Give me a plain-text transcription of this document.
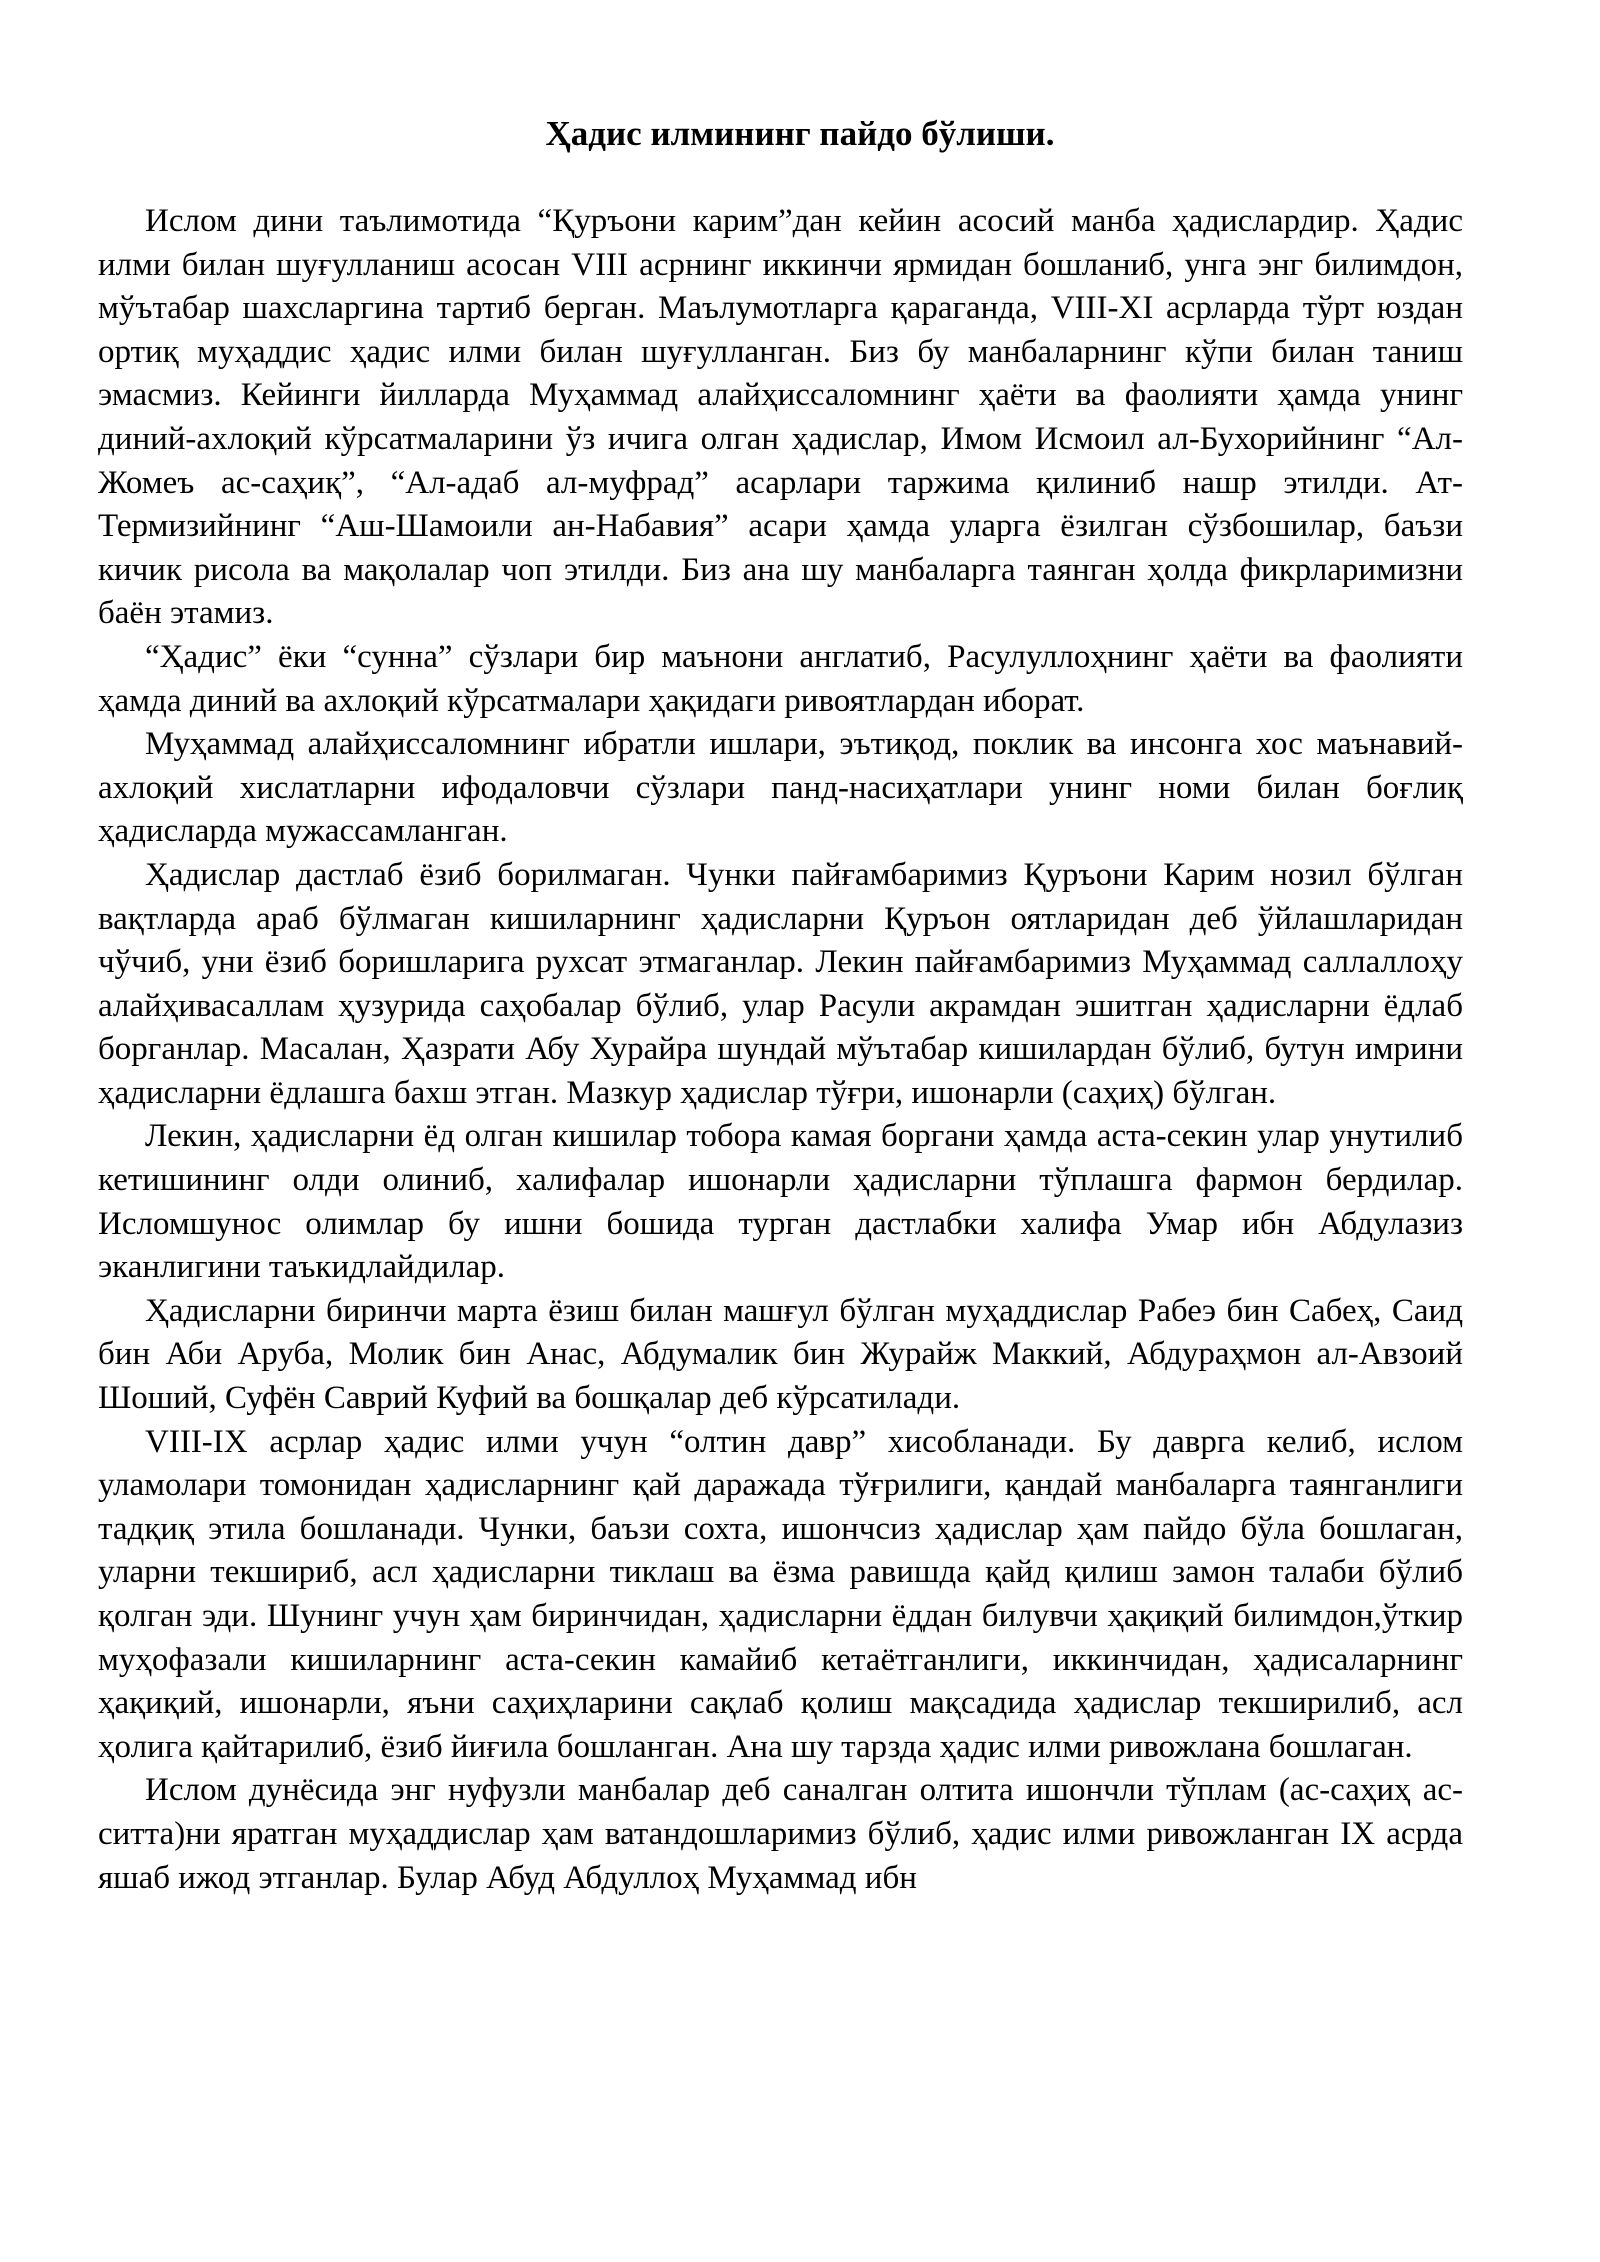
Ҳадис илмининг пайдо бўлиши.

Ислом дини таълимотида “Қуръони карим”дан кейин асосий манба ҳадислардир. Ҳадис илми билан шуғулланиш асосан VIII асрнинг иккинчи ярмидан бошланиб, унга энг билимдон, мўътабар шахсларгина тартиб берган. Маълумотларга қараганда, VIII-XI асрларда тўрт юздан ортиқ муҳаддис ҳадис илми билан шуғулланган. Биз бу манбаларнинг кўпи билан таниш эмасмиз. Кейинги йилларда Муҳаммад алайҳиссаломнинг ҳаёти ва фаолияти ҳамда унинг диний-ахлоқий кўрсатмаларини ўз ичига олган ҳадислар, Имом Исмоил ал-Бухорийнинг “Ал-Жомеъ ас-саҳиқ”, “Ал-адаб ал-муфрад” асарлари таржима қилиниб нашр этилди. Ат-Термизийнинг “Аш-Шамоили ан-Набавия” асари ҳамда уларга ёзилган сўзбошилар, баъзи кичик рисола ва мақолалар чоп этилди. Биз ана шу манбаларга таянган ҳолда фикрларимизни баён этамиз.

“Ҳадис” ёки “сунна” сўзлари бир маънони англатиб, Расулуллоҳнинг ҳаёти ва фаолияти ҳамда диний ва ахлоқий кўрсатмалари ҳақидаги ривоятлардан иборат.

Муҳаммад алайҳиссаломнинг ибратли ишлари, эътиқод, поклик ва инсонга хос маънавий-ахлоқий хислатларни ифодаловчи сўзлари панд-насиҳатлари унинг номи билан боғлиқ ҳадисларда мужассамланган.

Ҳадислар дастлаб ёзиб борилмаган. Чунки пайғамбаримиз Қуръони Карим нозил бўлган вақтларда араб бўлмаган кишиларнинг ҳадисларни Қуръон оятларидан деб ўйлашларидан чўчиб, уни ёзиб боришларига рухсат этмаганлар. Лекин пайғамбаримиз Муҳаммад саллаллоҳу алайҳивасаллам ҳузурида саҳобалар бўлиб, улар Расули акрамдан эшитган ҳадисларни ёдлаб борганлар. Масалан, Ҳазрати Абу Хурайра шундай мўътабар кишилардан бўлиб, бутун имрини ҳадисларни ёдлашга бахш этган. Мазкур ҳадислар тўғри, ишонарли (саҳиҳ) бўлган.

Лекин, ҳадисларни ёд олган кишилар тобора камая боргани ҳамда аста-секин улар унутилиб кетишининг олди олиниб, халифалар ишонарли ҳадисларни тўплашга фармон бердилар. Исломшунос олимлар бу ишни бошида турган дастлабки халифа Умар ибн Абдулазиз эканлигини таъкидлайдилар.

Ҳадисларни биринчи марта ёзиш билан машғул бўлган муҳаддислар Рабеэ бин Сабеҳ, Саид бин Аби Аруба, Молик бин Анас, Абдумалик бин Журайж Маккий, Абдураҳмон ал-Авзоий Шоший, Суфён Саврий Куфий ва бошқалар деб кўрсатилади.

VIII-IX асрлар ҳадис илми учун “олтин давр” хисобланади. Бу даврга келиб, ислом уламолари томонидан ҳадисларнинг қай даражада тўғрилиги, қандай манбаларга таянганлиги тадқиқ этила бошланади. Чунки, баъзи сохта, ишончсиз ҳадислар ҳам пайдо бўла бошлаган, уларни текшириб, асл ҳадисларни тиклаш ва ёзма равишда қайд қилиш замон талаби бўлиб қолган эди. Шунинг учун ҳам биринчидан, ҳадисларни ёддан билувчи ҳақиқий билимдон,ўткир муҳофазали кишиларнинг аста-секин камайиб кетаётганлиги, иккинчидан, ҳадисаларнинг ҳақиқий, ишонарли, яъни саҳиҳларини сақлаб қолиш мақсадида ҳадислар текширилиб, асл ҳолига қайтарилиб, ёзиб йиғила бошланган. Ана шу тарзда ҳадис илми ривожлана бошлаган.

Ислом дунёсида энг нуфузли манбалар деб саналган олтита ишончли тўплам (ас-саҳиҳ ас-ситта)ни яратган муҳаддислар ҳам ватандошларимиз бўлиб, ҳадис илми ривожланган IX асрда яшаб ижод этганлар. Булар Абуд Абдуллоҳ Муҳаммад ибн
